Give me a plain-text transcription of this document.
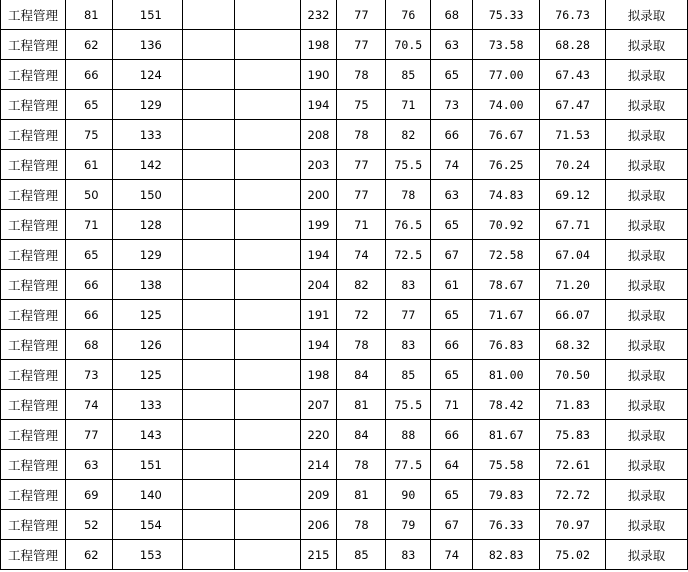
工程管理	81	151			232	77	76	68	75.33	76.73	拟录取
工程管理	62	136			198	77	70.5	63	73.58	68.28	拟录取
工程管理	66	124			190	78	85	65	77.00	67.43	拟录取
工程管理	65	129			194	75	71	73	74.00	67.47	拟录取
工程管理	75	133			208	78	82	66	76.67	71.53	拟录取
工程管理	61	142			203	77	75.5	74	76.25	70.24	拟录取
工程管理	50	150			200	77	78	63	74.83	69.12	拟录取
工程管理	71	128			199	71	76.5	65	70.92	67.71	拟录取
工程管理	65	129			194	74	72.5	67	72.58	67.04	拟录取
工程管理	66	138			204	82	83	61	78.67	71.20	拟录取
工程管理	66	125			191	72	77	65	71.67	66.07	拟录取
工程管理	68	126			194	78	83	66	76.83	68.32	拟录取
工程管理	73	125			198	84	85	65	81.00	70.50	拟录取
工程管理	74	133			207	81	75.5	71	78.42	71.83	拟录取
工程管理	77	143			220	84	88	66	81.67	75.83	拟录取
工程管理	63	151			214	78	77.5	64	75.58	72.61	拟录取
工程管理	69	140			209	81	90	65	79.83	72.72	拟录取
工程管理	52	154			206	78	79	67	76.33	70.97	拟录取
工程管理	62	153			215	85	83	74	82.83	75.02	拟录取
